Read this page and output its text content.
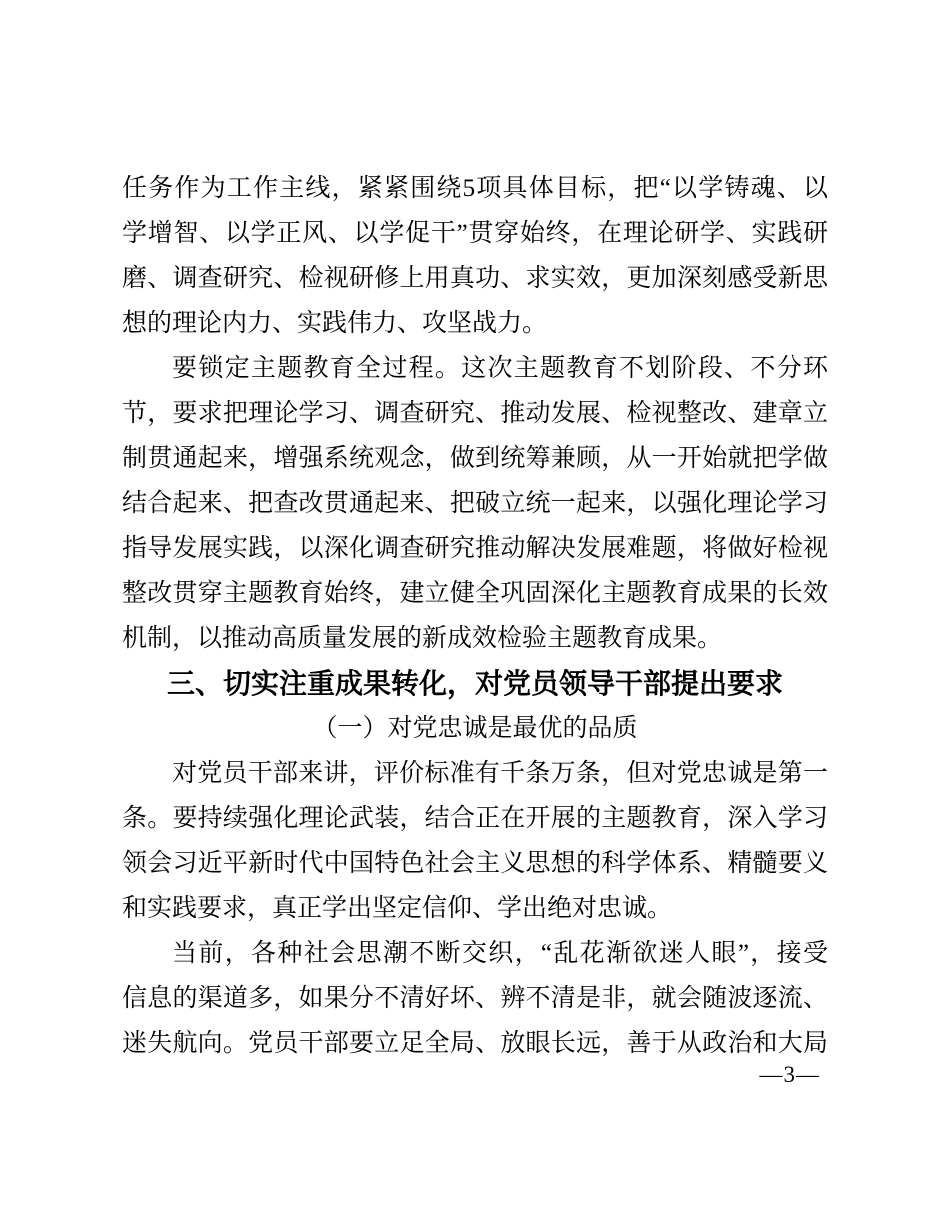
任务作为工作主线，紧紧围绕5项具体目标，把“以学铸魂、以
学增智、以学正风、以学促干”贯穿始终，在理论研学、实践研
磨、调查研究、检视研修上用真功、求实效，更加深刻感受新思
想的理论内力、实践伟力、攻坚战力。
要锁定主题教育全过程。这次主题教育不划阶段、不分环
节，要求把理论学习、调查研究、推动发展、检视整改、建章立
制贯通起来，增强系统观念，做到统筹兼顾，从一开始就把学做
结合起来、把查改贯通起来、把破立统一起来，以强化理论学习
指导发展实践，以深化调查研究推动解决发展难题，将做好检视
整改贯穿主题教育始终，建立健全巩固深化主题教育成果的长效
机制，以推动高质量发展的新成效检验主题教育成果。
三、切实注重成果转化，对党员领导干部提出要求
（一）对党忠诚是最优的品质
对党员干部来讲，评价标准有千条万条，但对党忠诚是第一
条。要持续强化理论武装，结合正在开展的主题教育，深入学习
领会习近平新时代中国特色社会主义思想的科学体系、精髓要义
和实践要求，真正学出坚定信仰、学出绝对忠诚。
当前，各种社会思潮不断交织，“乱花渐欲迷人眼”，接受
信息的渠道多，如果分不清好坏、辨不清是非，就会随波逐流、
迷失航向。党员干部要立足全局、放眼长远，善于从政治和大局
—3—
